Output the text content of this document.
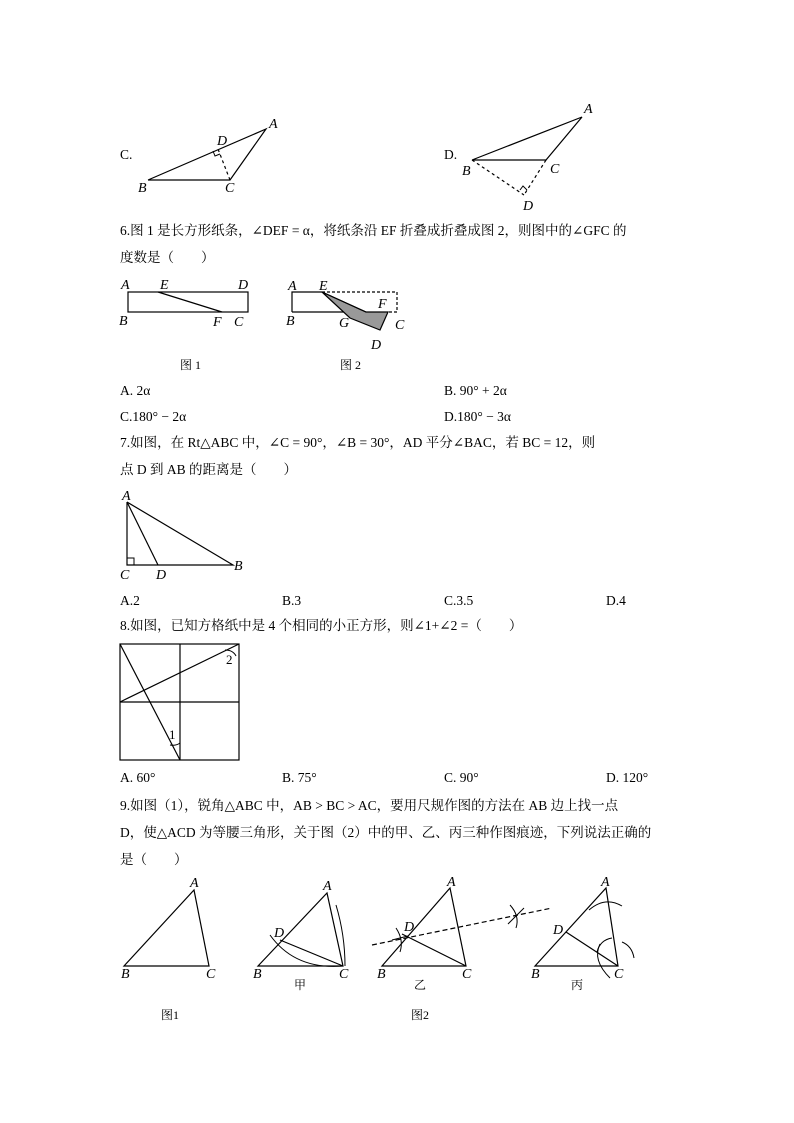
C.	D.
B	C
A
D
B	C
A
D
A E	D
B	F C
A E
F
B	G	C
D
A
C D
B
2
1
A
B	C
A
D
B	C
A
D
B	C
A
D
B	C
6.图 1 是长方形纸条，∠DEF = α，将纸条沿 EF 折叠成折叠成图 2，则图中的∠GFC 的
度数是（　　）
图 1	图 2
A. 2α	B. 90° + 2α
C.180° − 2α	D.180° − 3α
7.如图，在 Rt△ABC 中，∠C = 90°，∠B = 30°，AD 平分∠BAC，若 BC = 12，则
点 D 到 AB 的距离是（　　）
A.2	B.3	C.3.5	D.4
8.如图，已知方格纸中是 4 个相同的小正方形，则∠1+∠2 =（　　）
A. 60°	B. 75°	C. 90°	D. 120°
9.如图（1），锐角△ABC 中，AB > BC > AC，要用尺规作图的方法在 AB 边上找一点
D，使△ACD 为等腰三角形，关于图（2）中的甲、乙、丙三种作图痕迹，下列说法正确的
是（　　）
甲	乙	丙
图1	图2
